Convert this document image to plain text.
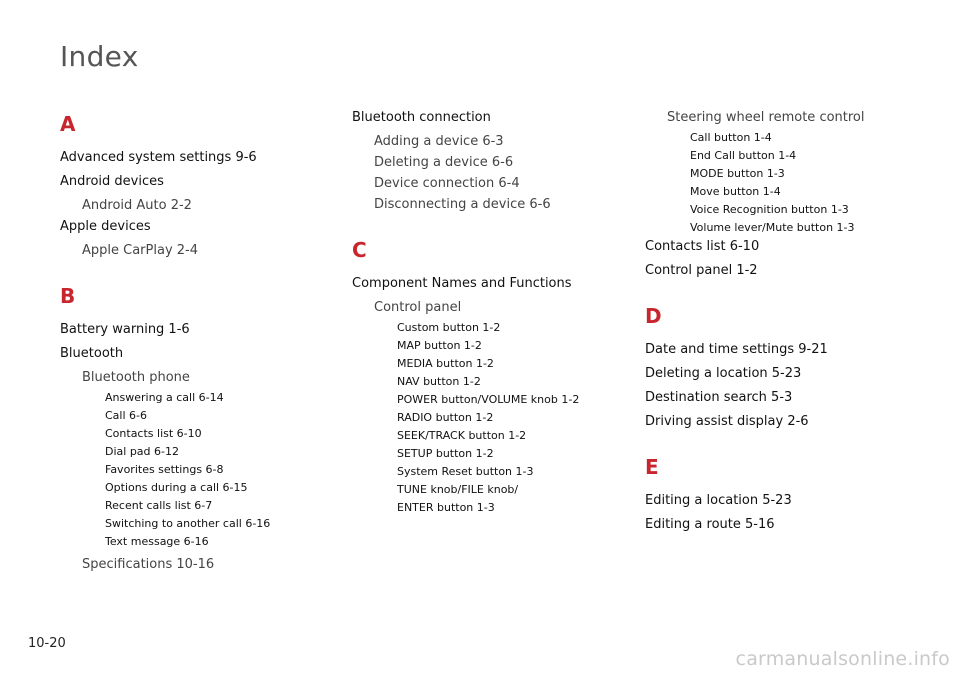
Index
A
Advanced system settings 9-6
Android devices
Android Auto 2-2
Apple devices
Apple CarPlay 2-4
B
Battery warning 1-6
Bluetooth
Bluetooth phone
Answering a call 6-14
Call 6-6
Contacts list 6-10
Dial pad 6-12
Favorites settings 6-8
Options during a call 6-15
Recent calls list 6-7
Switching to another call 6-16
Text message 6-16
Specifications 10-16
Bluetooth connection
Adding a device 6-3
Deleting a device 6-6
Device connection 6-4
Disconnecting a device 6-6
C
Component Names and Functions
Control panel
Custom button 1-2
MAP button 1-2
MEDIA button 1-2
NAV button 1-2
POWER button/VOLUME knob 1-2
RADIO button 1-2
SEEK/TRACK button 1-2
SETUP button 1-2
System Reset button 1-3
TUNE knob/FILE knob/
ENTER button 1-3
Steering wheel remote control
Call button 1-4
End Call button 1-4
MODE button 1-3
Move button 1-4
Voice Recognition button 1-3
Volume lever/Mute button 1-3
Contacts list 6-10
Control panel 1-2
D
Date and time settings 9-21
Deleting a location 5-23
Destination search 5-3
Driving assist display 2-6
E
Editing a location 5-23
Editing a route 5-16
10-20
carmanualsonline.info
